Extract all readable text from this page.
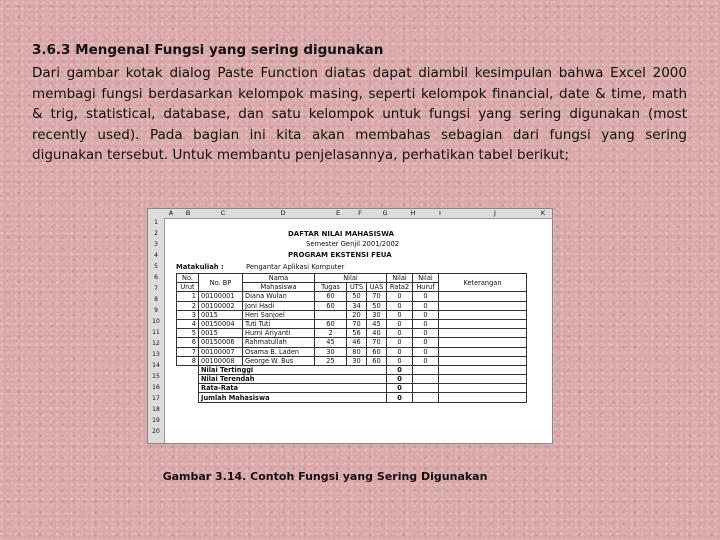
3.6.3 Mengenal Fungsi yang sering digunakan

Dari gambar kotak dialog Paste Function diatas dapat diambil kesimpulan bahwa Excel 2000 membagi fungsi berdasarkan kelompok masing, seperti kelompok financial, date & time, math & trig, statistical, database, dan satu kelompok untuk fungsi yang sering digunakan (most recently used). Pada bagian ini kita akan membahas sebagian dari fungsi yang sering digunakan tersebut. Untuk membantu penjelasannya, perhatikan tabel berikut;

A	B	C	D	E	F	G	H	I	J	K
1
2
3
4
5
6
7
8
9
10
11
12
13
14
15
16
17
18
19
20
DAFTAR NILAI MAHASISWA
Semester Genjil 2001/2002
PROGRAM EKSTENSI FEUA
Matakuliah :	Pengantar Aplikasi Komputer
No.	No. BP	Nama	Nilai			Nilai	Nilai	Keterangan
Urut		Mahasiswa	Tugas	UTS	UAS	Rata2	Huruf	
1	00100001	Diana Wulan	60	50	70	0	0	
2	00100002	Joni Hadi	60	34	50	0	0	
3	0015	Heri Sanjoel		20	30	0	0	
4	00150004	Tuti Tuti	60	70	45	0	0	
5	0015	Hurni Ariyanti	2	56	40	0	0	
6	00150006	Rahmatullah	45	46	70	0	0	
7	00100007	Osama B. Laden	30	80	60	0	0	
8	00100008	George W. Bus	25	30	60	0	0	
	Nilai Tertinggi					0		
	Nilai Terendah					0		
	Rata-Rata					0		
	Jumlah Mahasiswa					0		
Gambar 3.14. Contoh Fungsi yang Sering Digunakan
